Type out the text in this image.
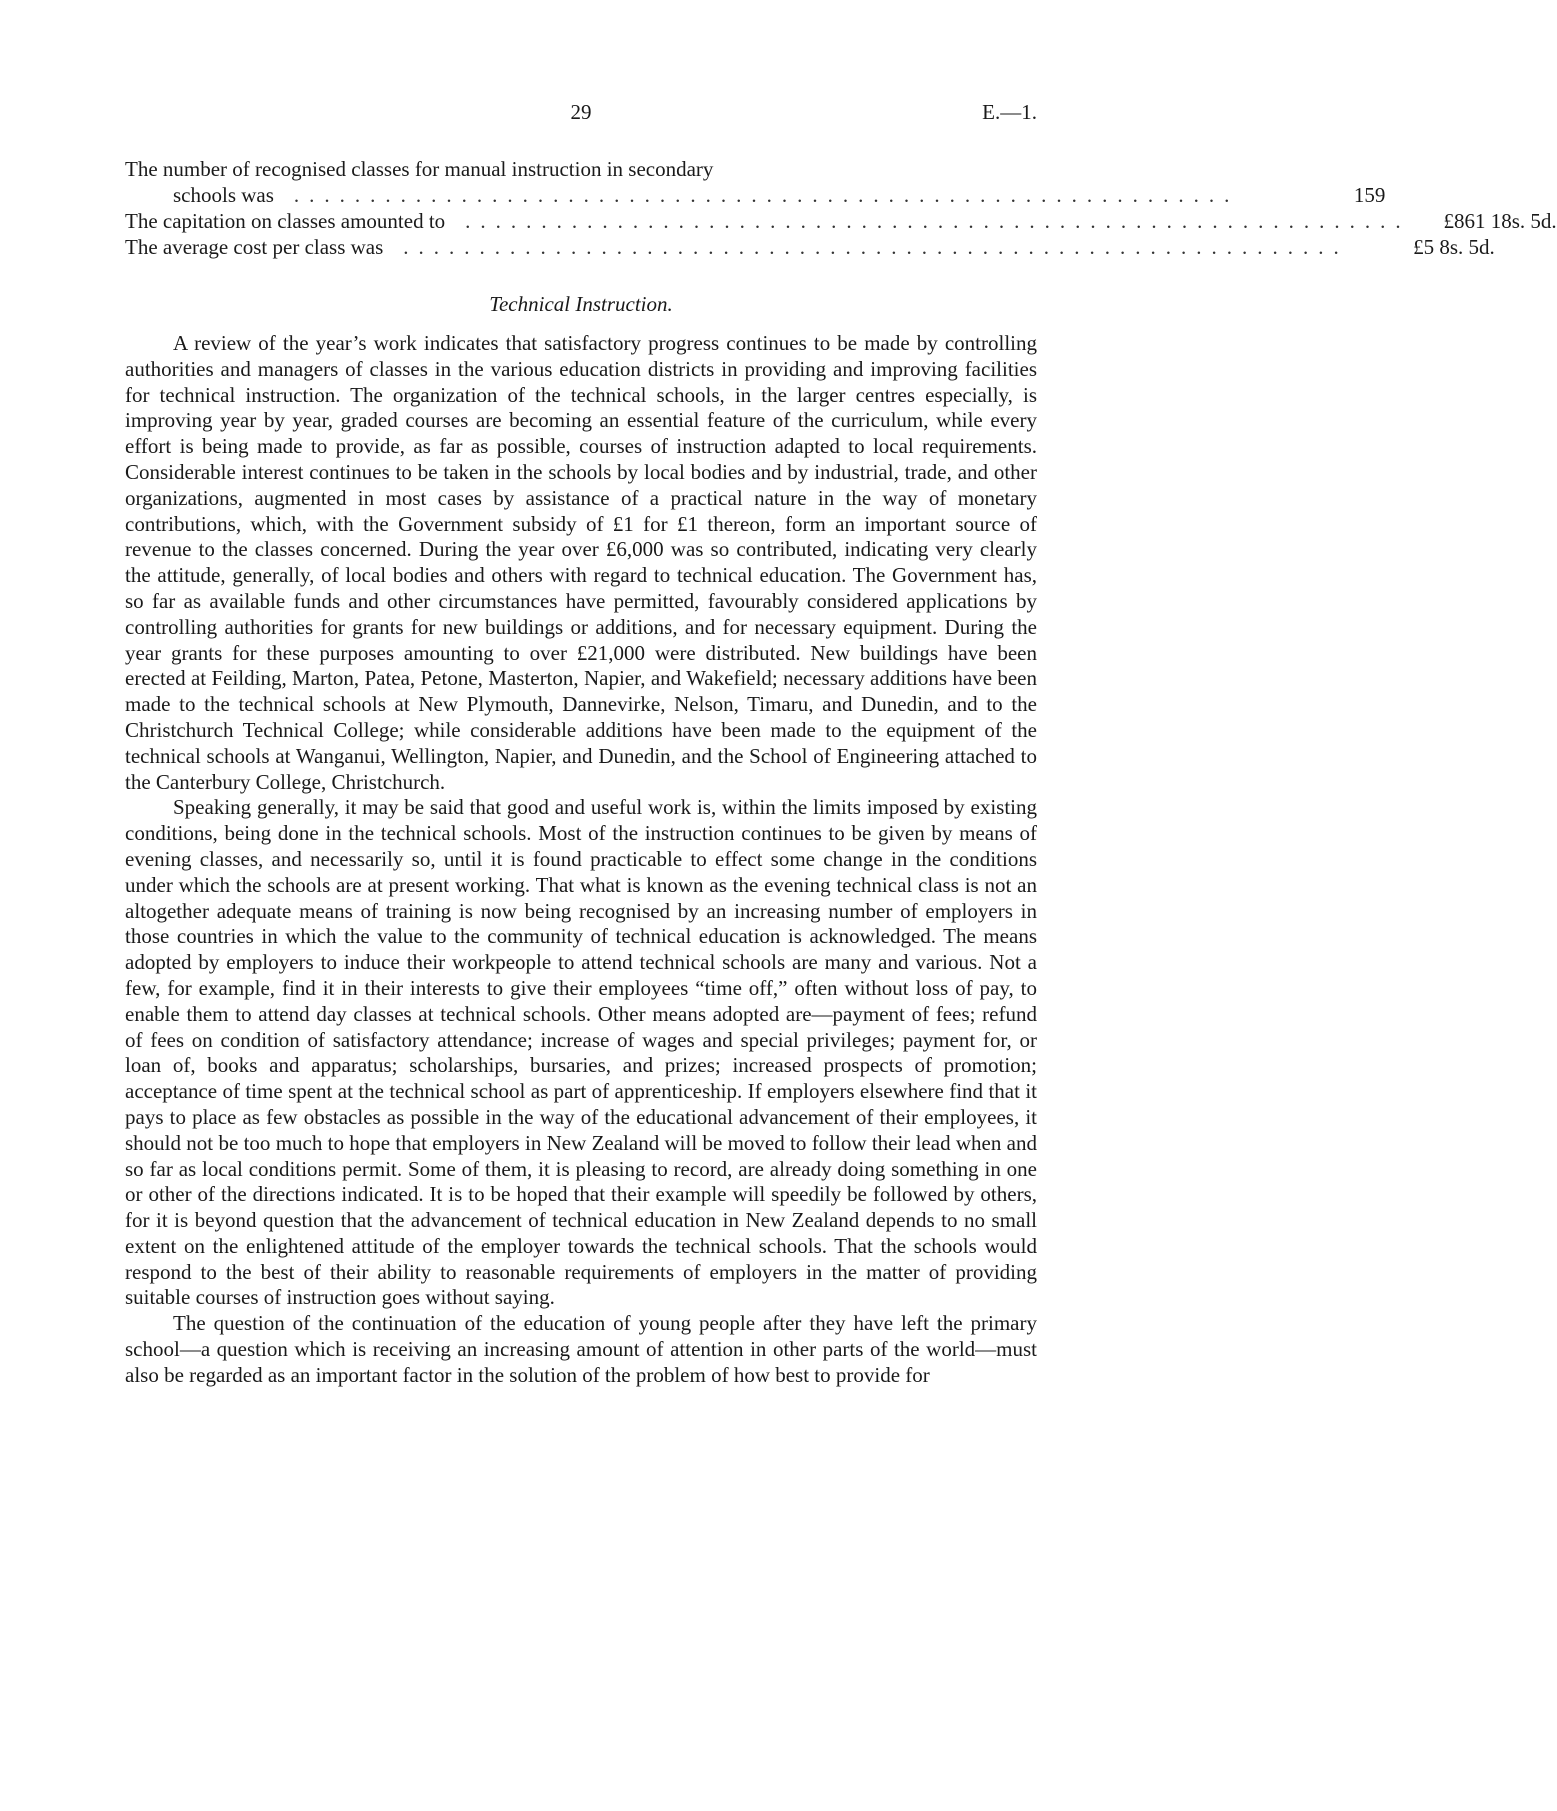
29	E.—1.
The number of recognised classes for manual instruction in secondary
schools was ..............................................................	159
The capitation on classes amounted to ..............................................................	£861 18s. 5d.
The average cost per class was ..............................................................	£5 8s. 5d.
Technical Instruction.

A review of the year’s work indicates that satisfactory progress continues to be made by controlling authorities and managers of classes in the various education districts in providing and improving facilities for technical instruction. The organization of the technical schools, in the larger centres especially, is improving year by year, graded courses are becoming an essential feature of the curriculum, while every effort is being made to provide, as far as possible, courses of instruction adapted to local requirements. Considerable interest continues to be taken in the schools by local bodies and by industrial, trade, and other organizations, augmented in most cases by assistance of a practical nature in the way of monetary contributions, which, with the Government subsidy of £1 for £1 thereon, form an important source of revenue to the classes concerned. During the year over £6,000 was so contributed, indicating very clearly the attitude, generally, of local bodies and others with regard to technical education. The Government has, so far as available funds and other circumstances have permitted, favourably considered applications by controlling authorities for grants for new buildings or additions, and for necessary equipment. During the year grants for these purposes amounting to over £21,000 were distributed. New buildings have been erected at Feilding, Marton, Patea, Petone, Masterton, Napier, and Wakefield; necessary additions have been made to the technical schools at New Plymouth, Dannevirke, Nelson, Timaru, and Dunedin, and to the Christchurch Technical College; while considerable additions have been made to the equipment of the technical schools at Wanganui, Wellington, Napier, and Dunedin, and the School of Engineering attached to the Canterbury College, Christchurch.

Speaking generally, it may be said that good and useful work is, within the limits imposed by existing conditions, being done in the technical schools. Most of the instruction continues to be given by means of evening classes, and necessarily so, until it is found practicable to effect some change in the conditions under which the schools are at present working. That what is known as the evening technical class is not an altogether adequate means of training is now being recognised by an increasing number of employers in those countries in which the value to the community of technical education is acknowledged. The means adopted by employers to induce their workpeople to attend technical schools are many and various. Not a few, for example, find it in their interests to give their employees “time off,” often without loss of pay, to enable them to attend day classes at technical schools. Other means adopted are—payment of fees; refund of fees on condition of satisfactory attendance; increase of wages and special privileges; payment for, or loan of, books and apparatus; scholarships, bursaries, and prizes; increased prospects of promotion; acceptance of time spent at the technical school as part of apprenticeship. If employers elsewhere find that it pays to place as few obstacles as possible in the way of the educational advancement of their employees, it should not be too much to hope that employers in New Zealand will be moved to follow their lead when and so far as local conditions permit. Some of them, it is pleasing to record, are already doing something in one or other of the directions indicated. It is to be hoped that their example will speedily be followed by others, for it is beyond question that the advancement of technical education in New Zealand depends to no small extent on the enlightened attitude of the employer towards the technical schools. That the schools would respond to the best of their ability to reasonable requirements of employers in the matter of providing suitable courses of instruction goes without saying.

The question of the continuation of the education of young people after they have left the primary school—a question which is receiving an increasing amount of attention in other parts of the world—must also be regarded as an important factor in the solution of the problem of how best to provide for
